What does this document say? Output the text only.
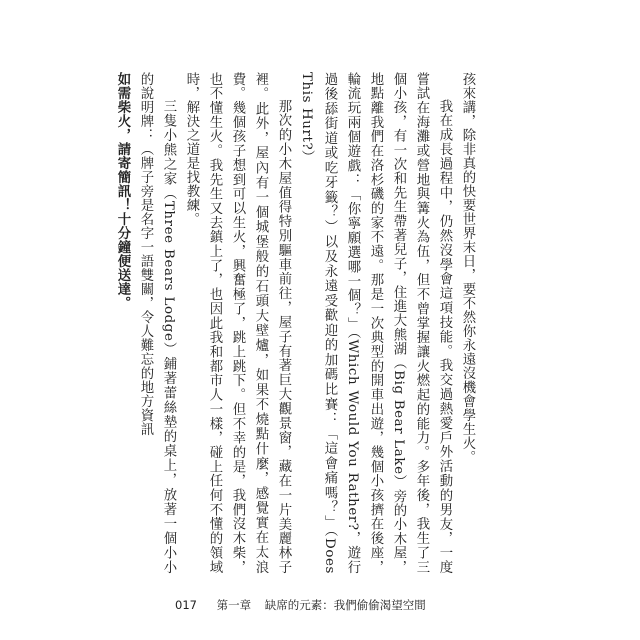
孩來講，除非真的快要世界末日，要不然你永遠沒機會學生火。

我在成長過程中，仍然沒學會這項技能。我交過熱愛戶外活動的男友，一度嘗試在海灘或營地與篝火為伍，但不曾掌握讓火燃起的能力。多年後，我生了三個小孩，有一次和先生帶著兒子，住進大熊湖（Big Bear Lake）旁的小木屋，地點離我們在洛杉磯的家不遠。那是一次典型的開車出遊，幾個小孩擠在後座，輪流玩兩個遊戲：「你寧願選哪一個？」（Which Would You Rather?，遊行過後舔街道或吃牙籤？）以及永遠受歡迎的加碼比賽：「這會痛嗎？」（Does This Hurt?）

那次的小木屋值得特別驅車前往，屋子有著巨大觀景窗，藏在一片美麗林子裡。此外，屋內有一個城堡般的石頭大壁爐，如果不燒點什麼，感覺實在太浪費。幾個孩子想到可以生火，興奮極了，跳上跳下。但不幸的是，我們沒木柴，也不懂生火。我先生又去鎮上了，也因此我和都市人一樣，碰上任何不懂的領域時，解決之道是找教練。

三隻小熊之家（Three Bears Lodge）鋪著蕾絲墊的桌上，放著一個小小的說明牌：（牌子旁是名字一語雙關，令人難忘的地方資訊

如需柴火，請寄簡訊！十分鐘便送達。

017 第一章 缺席的元素：我們偷偷渴望空間
